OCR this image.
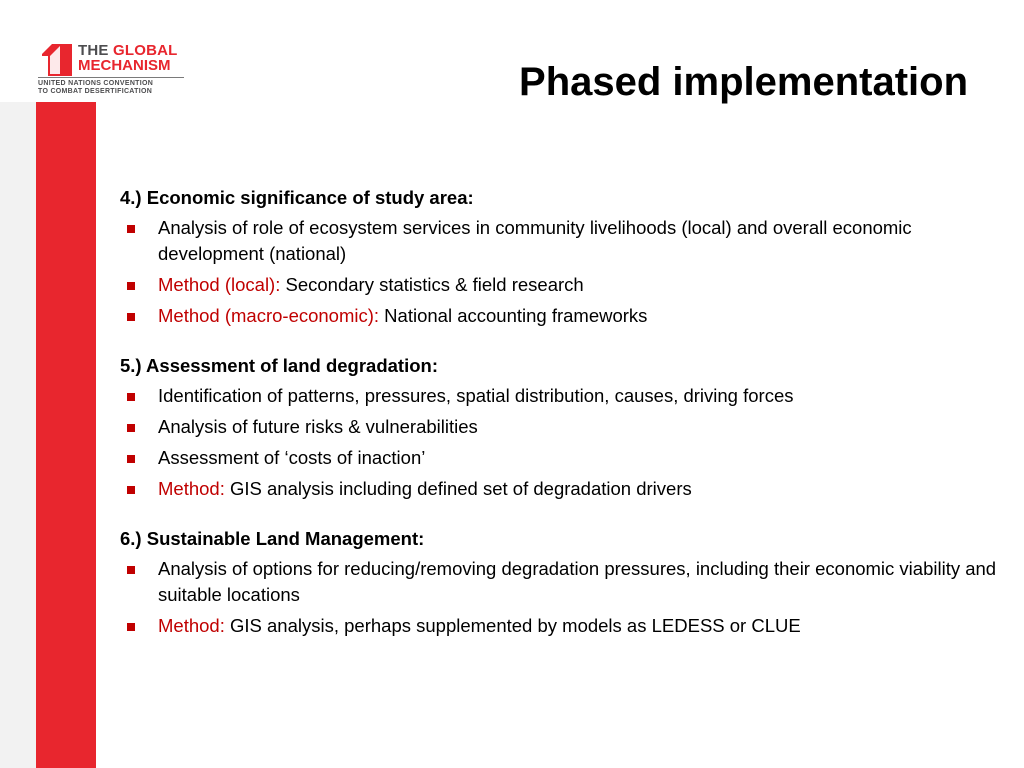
THE GLOBAL
MECHANISM
UNITED NATIONS CONVENTION
TO COMBAT DESERTIFICATION	Phased implementation

4.) Economic significance of study area:

Analysis of role of ecosystem services in community livelihoods (local) and overall economic development (national)
Method (local): Secondary statistics & field research
Method (macro-economic): National accounting frameworks

5.) Assessment of land degradation:

Identification of patterns, pressures, spatial distribution, causes, driving forces
Analysis of future risks & vulnerabilities
Assessment of ‘costs of inaction’
Method: GIS analysis including defined set of degradation drivers

6.) Sustainable Land Management:

Analysis of options for reducing/removing degradation pressures, including their economic viability and suitable locations
Method: GIS analysis, perhaps supplemented by models as LEDESS or CLUE
